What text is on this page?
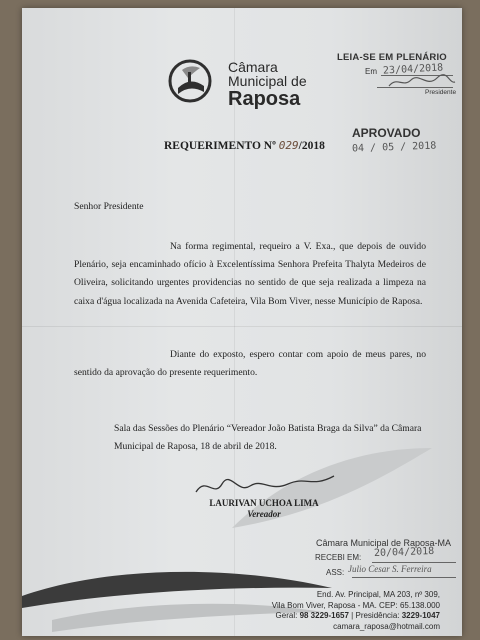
Câmara
Municipal de
Raposa
LEIA-SE EM PLENÁRIO
Em 23/04/2018
Presidente
APROVADO
04 / 05 / 2018
REQUERIMENTO Nº 029/2018
Senhor Presidente
Na forma regimental, requeiro a V. Exa., que depois de ouvido Plenário, seja encaminhado ofício à Excelentíssima Senhora Prefeita Thalyta Medeiros de Oliveira, solicitando urgentes providencias no sentido de que seja realizada a limpeza na caixa d'água localizada na Avenida Cafeteira, Vila Bom Viver, nesse Município de Raposa.
Diante do exposto, espero contar com apoio de meus pares, no sentido da aprovação do presente requerimento.
Sala das Sessões do Plenário “Vereador João Batista Braga da Silva” da Câmara Municipal de Raposa, 18 de abril de 2018.
LAURIVAN UCHOA LIMA
Vereador
Câmara Municipal de Raposa-MA
RECEBI EM: 20/04/2018
ASS: Julio Cesar S. Ferreira
End. Av. Principal, MA 203, nº 309,
Vila Bom Viver, Raposa - MA. CEP: 65.138.000
Geral: 98 3229-1657 | Presidência: 3229-1047
camara_raposa@hotmail.com
